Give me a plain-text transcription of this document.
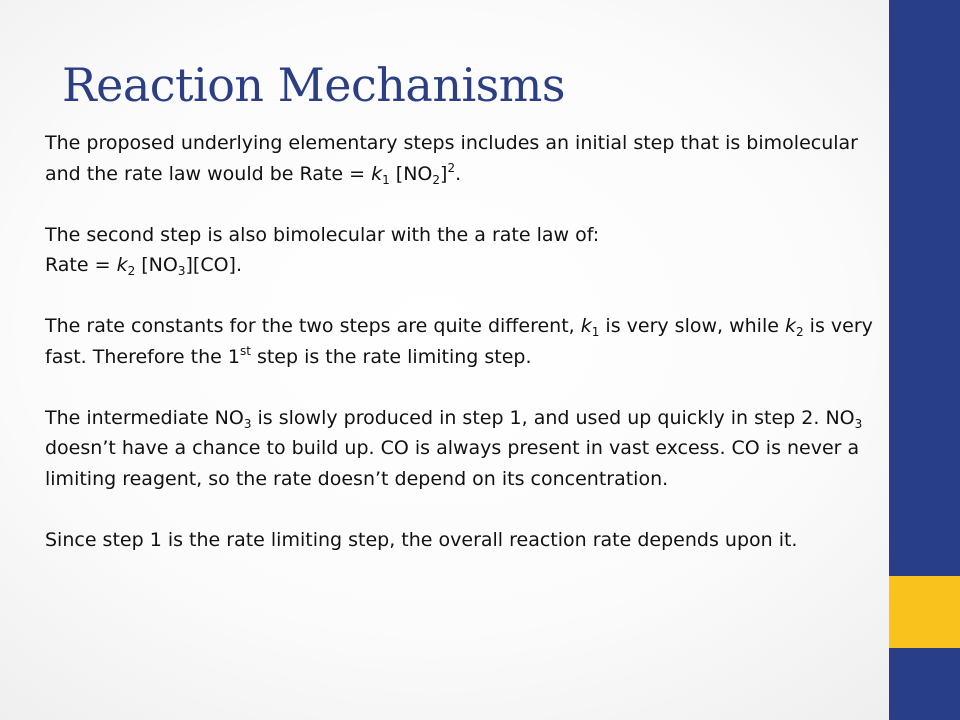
Reaction Mechanisms

The proposed underlying elementary steps includes an initial step that is bimolecular and the rate law would be Rate = $k_1$ $[NO_2]^2$.

The second step is also bimolecular with the a rate law of:

Rate = $k_2$ $[NO_3][CO]$.

The rate constants for the two steps are quite different, $k_1$ is very slow, while $k_2$ is very fast. Therefore the 1st step is the rate limiting step.

The intermediate $NO_3$ is slowly produced in step 1, and used up quickly in step 2. $NO_3$ doesn’t have a chance to build up. CO is always present in vast excess. CO is never a limiting reagent, so the rate doesn’t depend on its concentration.

Since step 1 is the rate limiting step, the overall reaction rate depends upon it.
